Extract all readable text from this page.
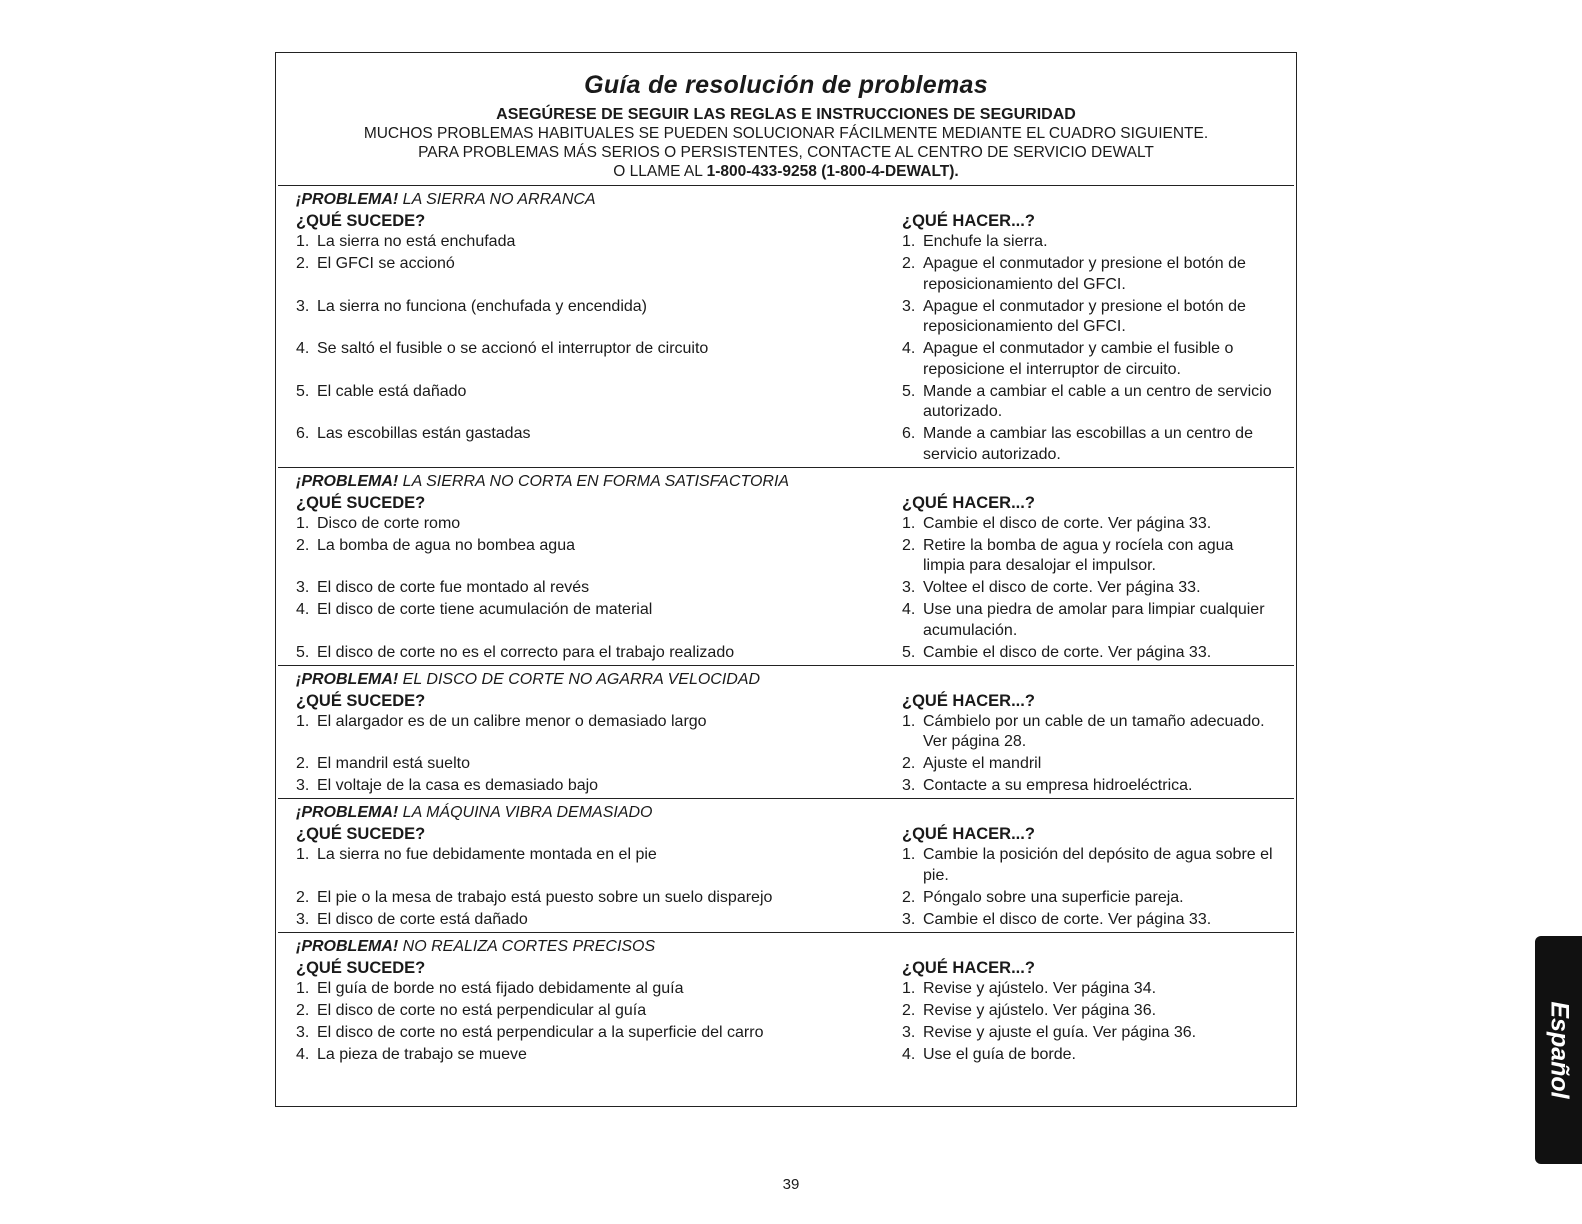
Guía de resolución de problemas
ASEGÚRESE DE SEGUIR LAS REGLAS E INSTRUCCIONES DE SEGURIDAD
MUCHOS PROBLEMAS HABITUALES SE PUEDEN SOLUCIONAR FÁCILMENTE MEDIANTE EL CUADRO SIGUIENTE.
PARA PROBLEMAS MÁS SERIOS O PERSISTENTES, CONTACTE AL CENTRO DE SERVICIO DEWALT
O LLAME AL 1-800-433-9258 (1-800-4-DEWALT).
¡PROBLEMA! LA SIERRA NO ARRANCA
¿QUÉ SUCEDE?	¿QUÉ HACER...?
1. La sierra no está enchufada	1. Enchufe la sierra.
2. El GFCI se accionó	2. Apague el conmutador y presione el botón de reposicionamiento del GFCI.
3. La sierra no funciona (enchufada y encendida)	3. Apague el conmutador y presione el botón de reposicionamiento del GFCI.
4. Se saltó el fusible o se accionó el interruptor de circuito	4. Apague el conmutador y cambie el fusible o reposicione el interruptor de circuito.
5. El cable está dañado	5. Mande a cambiar el cable a un centro de servicio autorizado.
6. Las escobillas están gastadas	6. Mande a cambiar las escobillas a un centro de servicio autorizado.
¡PROBLEMA! LA SIERRA NO CORTA EN FORMA SATISFACTORIA
¿QUÉ SUCEDE?	¿QUÉ HACER...?
1. Disco de corte romo	1. Cambie el disco de corte. Ver página 33.
2. La bomba de agua no bombea agua	2. Retire la bomba de agua y rocíela con agua limpia para desalojar el impulsor.
3. El disco de corte fue montado al revés	3. Voltee el disco de corte. Ver página 33.
4. El disco de corte tiene acumulación de material	4. Use una piedra de amolar para limpiar cualquier acumulación.
5. El disco de corte no es el correcto para el trabajo realizado	5. Cambie el disco de corte. Ver página 33.
¡PROBLEMA! EL DISCO DE CORTE NO AGARRA VELOCIDAD
¿QUÉ SUCEDE?	¿QUÉ HACER...?
1. El alargador es de un calibre menor o demasiado largo	1. Cámbielo por un cable de un tamaño adecuado. Ver página 28.
2. El mandril está suelto	2. Ajuste el mandril
3. El voltaje de la casa es demasiado bajo	3. Contacte a su empresa hidroeléctrica.
¡PROBLEMA! LA MÁQUINA VIBRA DEMASIADO
¿QUÉ SUCEDE?	¿QUÉ HACER...?
1. La sierra no fue debidamente montada en el pie	1. Cambie la posición del depósito de agua sobre el pie.
2. El pie o la mesa de trabajo está puesto sobre un suelo disparejo	2. Póngalo sobre una superficie pareja.
3. El disco de corte está dañado	3. Cambie el disco de corte. Ver página 33.
¡PROBLEMA! NO REALIZA CORTES PRECISOS
¿QUÉ SUCEDE?	¿QUÉ HACER...?
1. El guía de borde no está fijado debidamente al guía	1. Revise y ajústelo. Ver página 34.
2. El disco de corte no está perpendicular al guía	2. Revise y ajústelo. Ver página 36.
3. El disco de corte no está perpendicular a la superficie del carro	3. Revise y ajuste el guía. Ver página 36.
4. La pieza de trabajo se mueve	4. Use el guía de borde.
39
Español
